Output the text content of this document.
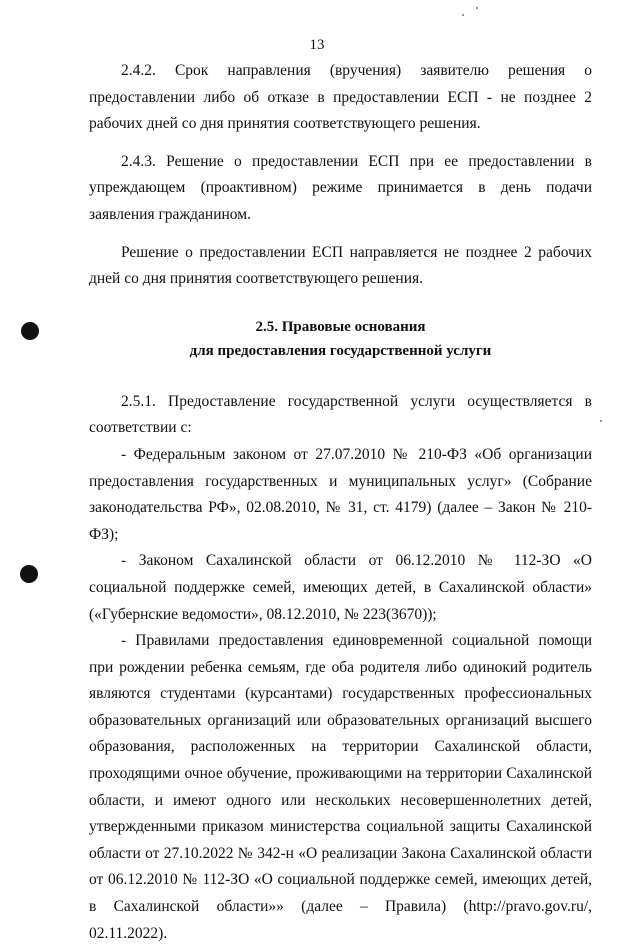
13

2.4.2. Срок направления (вручения) заявителю решения о предоставлении либо об отказе в предоставлении ЕСП - не позднее 2 рабочих дней со дня принятия соответствующего решения.

2.4.3. Решение о предоставлении ЕСП при ее предоставлении в упреждающем (проактивном) режиме принимается в день подачи заявления гражданином.

Решение о предоставлении ЕСП направляется не позднее 2 рабочих дней со дня принятия соответствующего решения.

2.5. Правовые основания

для предоставления государственной услуги

2.5.1. Предоставление государственной услуги осуществляется в соответствии с:

- Федеральным законом от 27.07.2010 № 210-ФЗ «Об организации предоставления государственных и муниципальных услуг» (Собрание законодательства РФ», 02.08.2010, № 31, ст. 4179) (далее – Закон № 210-ФЗ);

- Законом Сахалинской области от 06.12.2010 № 112-ЗО «О социальной поддержке семей, имеющих детей, в Сахалинской области» («Губернские ведомости», 08.12.2010, № 223(3670));

- Правилами предоставления единовременной социальной помощи при рождении ребенка семьям, где оба родителя либо одинокий родитель являются студентами (курсантами) государственных профессиональных образовательных организаций или образовательных организаций высшего образования, расположенных на территории Сахалинской области, проходящими очное обучение, проживающими на территории Сахалинской области, и имеют одного или нескольких несовершеннолетних детей, утвержденными приказом министерства социальной защиты Сахалинской области от 27.10.2022 № 342-н «О реализации Закона Сахалинской области от 06.12.2010 № 112-ЗО «О социальной поддержке семей, имеющих детей, в Сахалинской области»» (далее – Правила) (http://pravo.gov.ru/, 02.11.2022).
